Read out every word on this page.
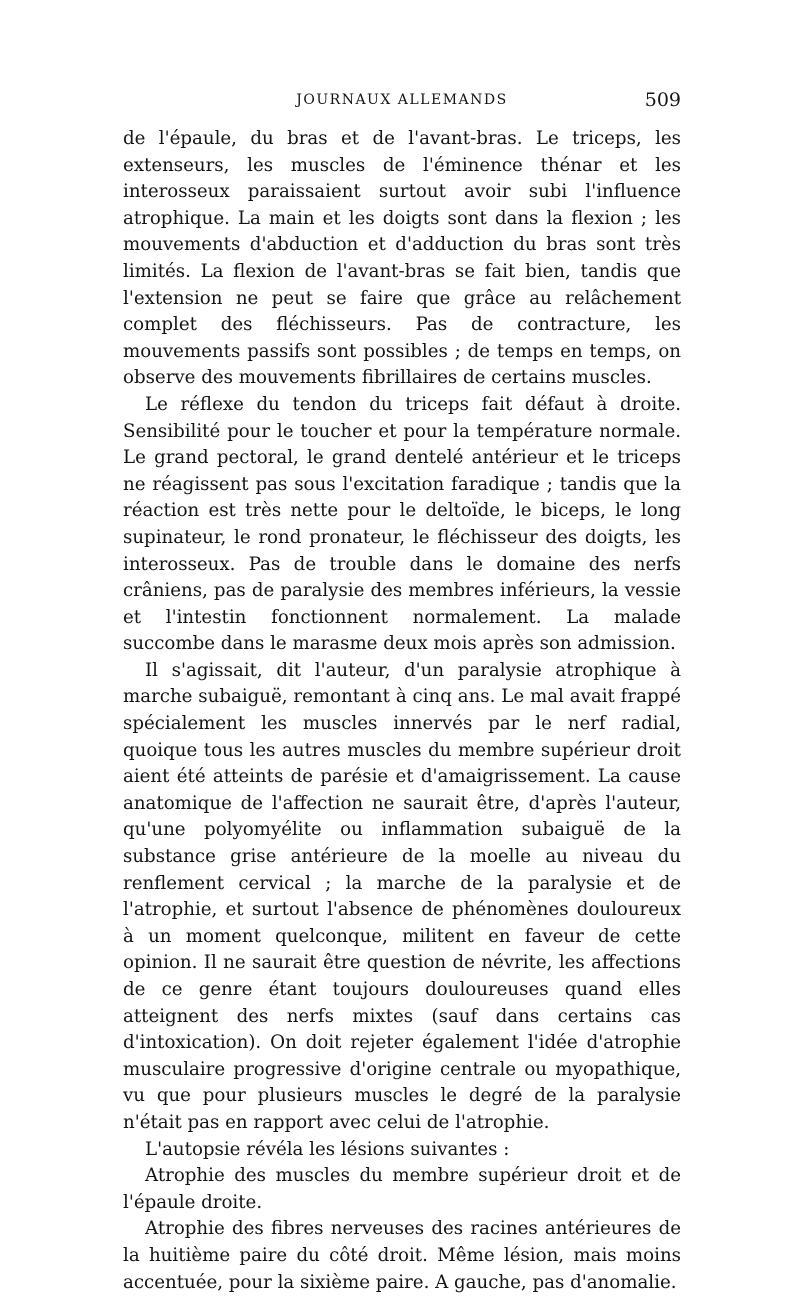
JOURNAUX ALLEMANDS	509

de l'épaule, du bras et de l'avant-bras. Le triceps, les extenseurs, les muscles de l'éminence thénar et les interosseux paraissaient surtout avoir subi l'influence atrophique. La main et les doigts sont dans la flexion ; les mouvements d'abduction et d'adduction du bras sont très limités. La flexion de l'avant-bras se fait bien, tandis que l'extension ne peut se faire que grâce au relâchement complet des fléchisseurs. Pas de contracture, les mouvements passifs sont possibles ; de temps en temps, on observe des mouvements fibrillaires de certains muscles.

Le réflexe du tendon du triceps fait défaut à droite. Sensibilité pour le toucher et pour la température normale. Le grand pectoral, le grand dentelé antérieur et le triceps ne réagissent pas sous l'excitation faradique ; tandis que la réaction est très nette pour le deltoïde, le biceps, le long supinateur, le rond pronateur, le fléchisseur des doigts, les interosseux. Pas de trouble dans le domaine des nerfs crâniens, pas de paralysie des membres inférieurs, la vessie et l'intestin fonctionnent normalement. La malade succombe dans le marasme deux mois après son admission.

Il s'agissait, dit l'auteur, d'un paralysie atrophique à marche subaiguë, remontant à cinq ans. Le mal avait frappé spécialement les muscles innervés par le nerf radial, quoique tous les autres muscles du membre supérieur droit aient été atteints de parésie et d'amaigrissement. La cause anatomique de l'affection ne saurait être, d'après l'auteur, qu'une polyomyélite ou inflammation subaiguë de la substance grise antérieure de la moelle au niveau du renflement cervical ; la marche de la paralysie et de l'atrophie, et surtout l'absence de phénomènes douloureux à un moment quelconque, militent en faveur de cette opinion. Il ne saurait être question de névrite, les affections de ce genre étant toujours douloureuses quand elles atteignent des nerfs mixtes (sauf dans certains cas d'intoxication). On doit rejeter également l'idée d'atrophie musculaire progressive d'origine centrale ou myopathique, vu que pour plusieurs muscles le degré de la paralysie n'était pas en rapport avec celui de l'atrophie.

L'autopsie révéla les lésions suivantes :

Atrophie des muscles du membre supérieur droit et de l'épaule droite.

Atrophie des fibres nerveuses des racines antérieures de la huitième paire du côté droit. Même lésion, mais moins accentuée, pour la sixième paire. A gauche, pas d'anomalie.
